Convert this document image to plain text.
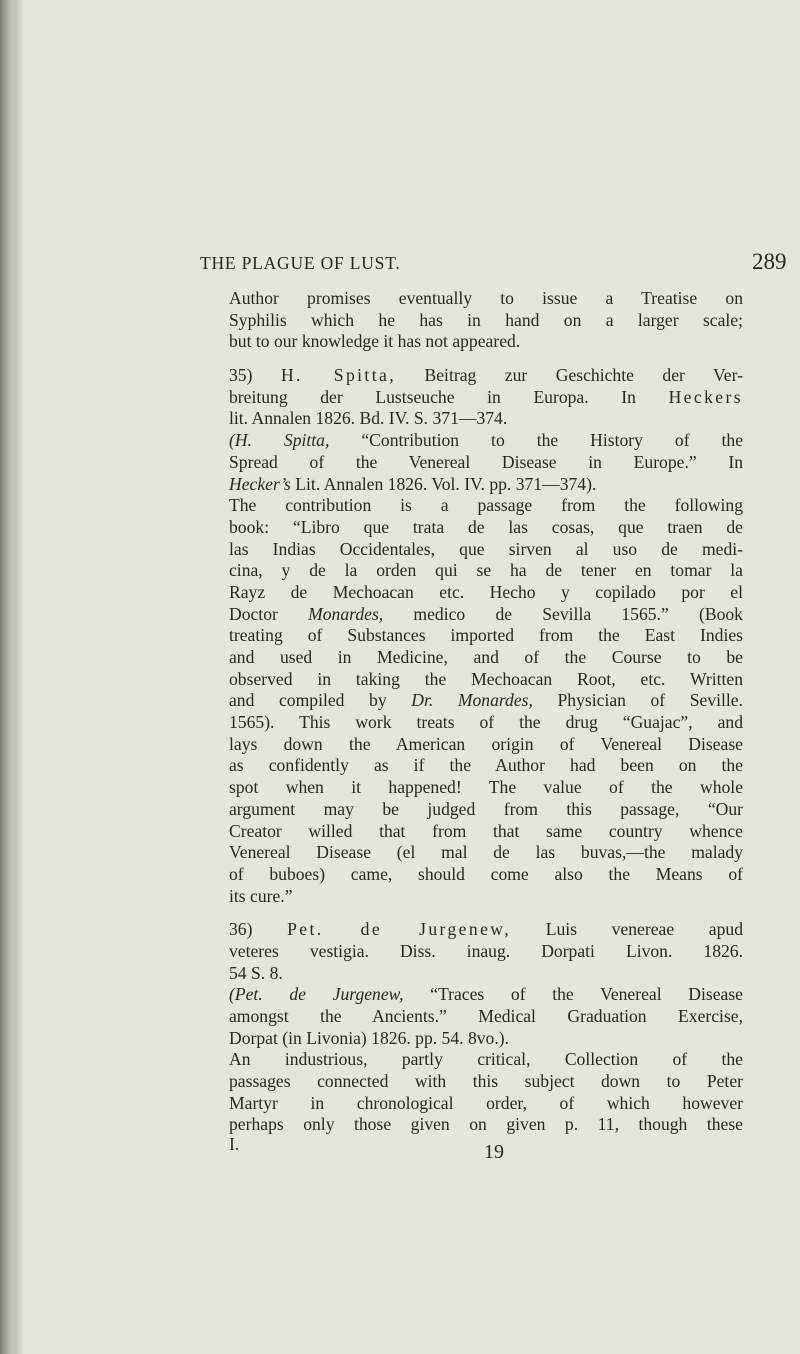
THE PLAGUE OF LUST.	289
Author promises eventually to issue a Treatise on
Syphilis which he has in hand on a larger scale;
but to our knowledge it has not appeared.
35) H. Spitta, Beitrag zur Geschichte der Ver-
breitung der Lustseuche in Europa. In Heckers
lit. Annalen 1826. Bd. IV. S. 371—374.
(H. Spitta, “Contribution to the History of the
Spread of the Venereal Disease in Europe.” In
Hecker’s Lit. Annalen 1826. Vol. IV. pp. 371—374).
The contribution is a passage from the following
book: “Libro que trata de las cosas, que traen de
las Indias Occidentales, que sirven al uso de medi-
cina, y de la orden qui se ha de tener en tomar la
Rayz de Mechoacan etc. Hecho y copilado por el
Doctor Monardes, medico de Sevilla 1565.” (Book
treating of Substances imported from the East Indies
and used in Medicine, and of the Course to be
observed in taking the Mechoacan Root, etc. Written
and compiled by Dr. Monardes, Physician of Seville.
1565). This work treats of the drug “Guajac”, and
lays down the American origin of Venereal Disease
as confidently as if the Author had been on the
spot when it happened! The value of the whole
argument may be judged from this passage, “Our
Creator willed that from that same country whence
Venereal Disease (el mal de las buvas,—the malady
of buboes) came, should come also the Means of
its cure.”
36) Pet. de Jurgenew, Luis venereae apud
veteres vestigia. Diss. inaug. Dorpati Livon. 1826.
54 S. 8.
(Pet. de Jurgenew, “Traces of the Venereal Disease
amongst the Ancients.” Medical Graduation Exercise,
Dorpat (in Livonia) 1826. pp. 54. 8vo.).
An industrious, partly critical, Collection of the
passages connected with this subject down to Peter
Martyr in chronological order, of which however
perhaps only those given on given p. 11, though these
I.	19
